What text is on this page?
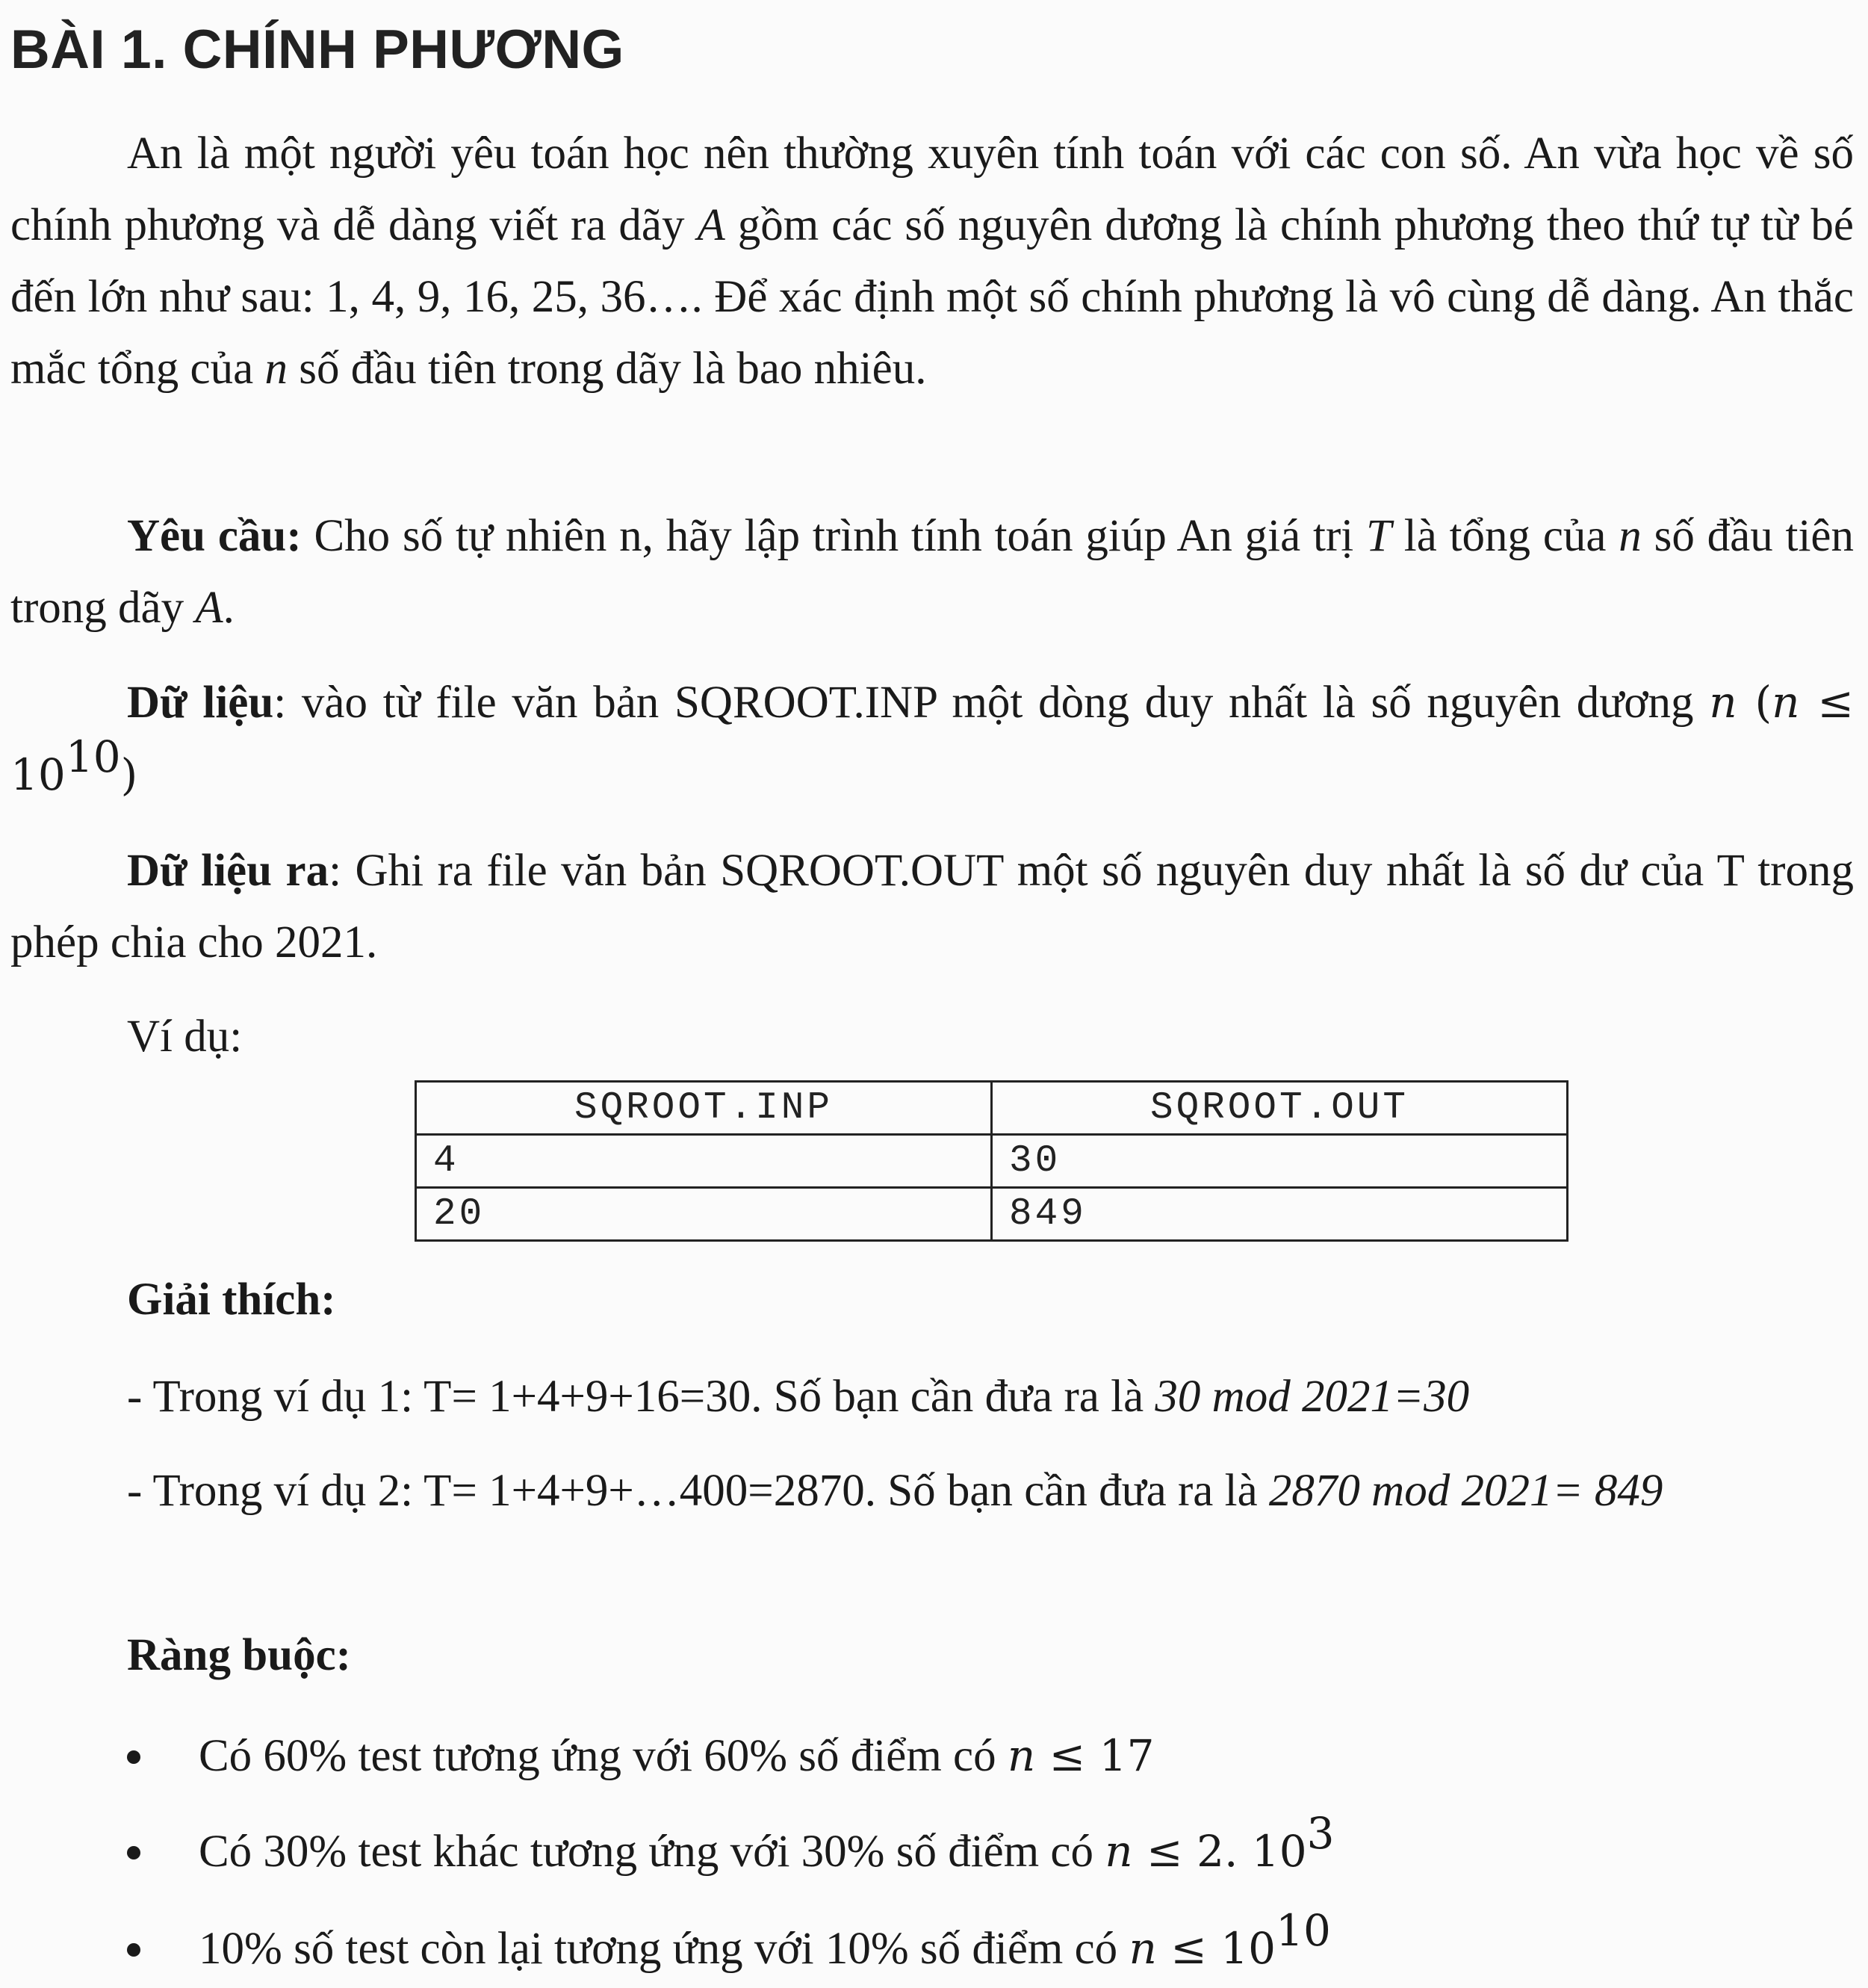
BÀI 1. CHÍNH PHƯƠNG

An là một người yêu toán học nên thường xuyên tính toán với các con số. An vừa học về số chính phương và dễ dàng viết ra dãy A gồm các số nguyên dương là chính phương theo thứ tự từ bé đến lớn như sau: 1, 4, 9, 16, 25, 36…. Để xác định một số chính phương là vô cùng dễ dàng. An thắc mắc tổng của n số đầu tiên trong dãy là bao nhiêu.

Yêu cầu: Cho số tự nhiên n, hãy lập trình tính toán giúp An giá trị T là tổng của n số đầu tiên trong dãy A.

Dữ liệu: vào từ file văn bản SQROOT.INP một dòng duy nhất là số nguyên dương n $(n \le 10^{10})$

Dữ liệu ra: Ghi ra file văn bản SQROOT.OUT một số nguyên duy nhất là số dư của T trong phép chia cho 2021.

Ví dụ:
SQROOT.INP	SQROOT.OUT
4	30
20	849
Giải thích:
- Trong ví dụ 1: T= 1+4+9+16=30. Số bạn cần đưa ra là 30 mod 2021=30

- Trong ví dụ 2: T= 1+4+9+…400=2870. Số bạn cần đưa ra là 2870 mod 2021= 849

Ràng buộc:
Có 60% test tương ứng với 60% số điểm có n ≤ 17
Có 30% test khác tương ứng với 30% số điểm có n ≤ 2. $10^3$
10% số test còn lại tương ứng với 10% số điểm có $n \le 10^{10}$
